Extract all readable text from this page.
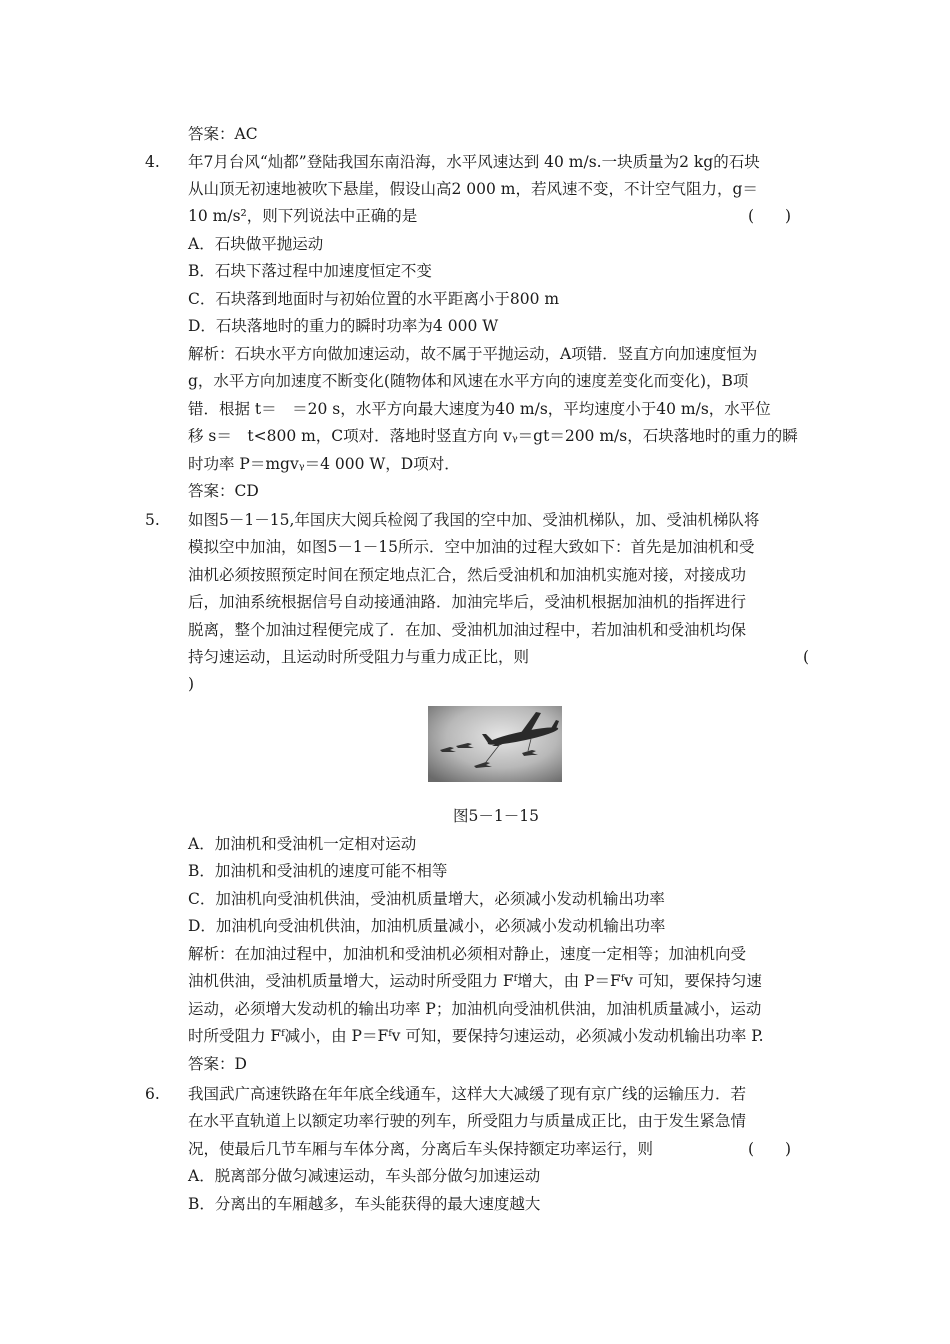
答案：AC
4. 年7月台风“灿都”登陆我国东南沿海，水平风速达到 40 m/s.一块质量为2 kg的石块
从山顶无初速地被吹下悬崖，假设山高2 000 m，若风速不变，不计空气阻力，g＝
10 m/s²，则下列说法中正确的是	(　　)
A．石块做平抛运动
B．石块下落过程中加速度恒定不变
C．石块落到地面时与初始位置的水平距离小于800 m
D．石块落地时的重力的瞬时功率为4 000 W
解析：石块水平方向做加速运动，故不属于平抛运动，A项错．竖直方向加速度恒为
g，水平方向加速度不断变化(随物体和风速在水平方向的速度差变化而变化)，B项
错．根据 t＝　＝20 s，水平方向最大速度为40 m/s，平均速度小于40 m/s，水平位
移 s＝　t<800 m，C项对．落地时竖直方向 vᵧ＝gt＝200 m/s，石块落地时的重力的瞬
时功率 P＝mgvᵧ＝4 000 W，D项对．
答案：CD
5. 如图5－1－15,年国庆大阅兵检阅了我国的空中加、受油机梯队，加、受油机梯队将
模拟空中加油，如图5－1－15所示．空中加油的过程大致如下：首先是加油机和受
油机必须按照预定时间在预定地点汇合，然后受油机和加油机实施对接，对接成功
后，加油系统根据信号自动接通油路．加油完毕后，受油机根据加油机的指挥进行
脱离，整个加油过程便完成了．在加、受油机加油过程中，若加油机和受油机均保
持匀速运动，且运动时所受阻力与重力成正比，则	(
)
图5－1－15
A．加油机和受油机一定相对运动
B．加油机和受油机的速度可能不相等
C．加油机向受油机供油，受油机质量增大，必须减小发动机输出功率
D．加油机向受油机供油，加油机质量减小，必须减小发动机输出功率
解析：在加油过程中，加油机和受油机必须相对静止，速度一定相等；加油机向受
油机供油，受油机质量增大，运动时所受阻力 Fᶠ增大，由 P＝Fᶠv 可知，要保持匀速
运动，必须增大发动机的输出功率 P；加油机向受油机供油，加油机质量减小，运动
时所受阻力 Fᶠ减小，由 P＝Fᶠv 可知，要保持匀速运动，必须减小发动机输出功率 P.
答案：D
6. 我国武广高速铁路在年年底全线通车，这样大大减缓了现有京广线的运输压力．若
在水平直轨道上以额定功率行驶的列车，所受阻力与质量成正比，由于发生紧急情
况，使最后几节车厢与车体分离，分离后车头保持额定功率运行，则	(　　)
A．脱离部分做匀减速运动，车头部分做匀加速运动
B．分离出的车厢越多，车头能获得的最大速度越大
